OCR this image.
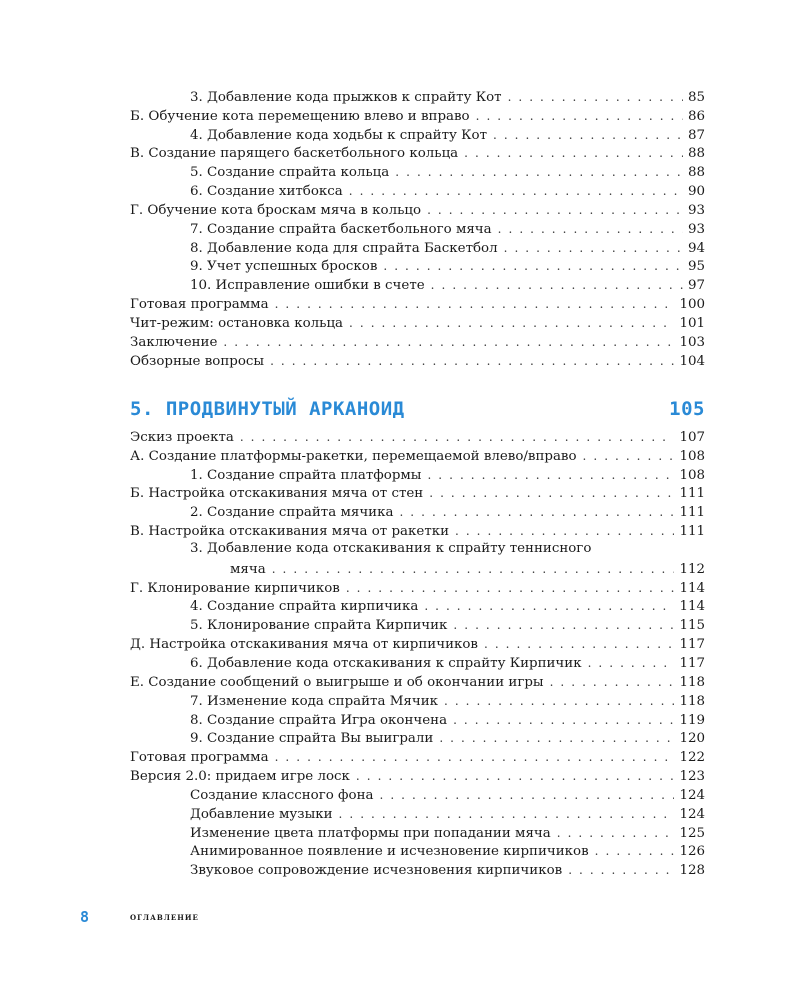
3. Добавление кода прыжков к спрайту Кот . . .	85
Б. Обучение кота перемещению влево и вправо . . .	86
4. Добавление кода ходьбы к спрайту Кот . . .	87
В. Создание парящего баскетбольного кольца . . .	88
5. Создание спрайта кольца . . .	88
6. Создание хитбокса . . .	90
Г. Обучение кота броскам мяча в кольцо . . .	93
7. Создание спрайта баскетбольного мяча . . .	93
8. Добавление кода для спрайта Баскетбол . . .	94
9. Учет успешных бросков . . .	95
10. Исправление ошибки в счете . . .	97
Готовая программа . . .	100
Чит-режим: остановка кольца . . .	101
Заключение . . .	103
Обзорные вопросы . . .	104
5. ПРОДВИНУТЫЙ АРКАНОИД	105
Эскиз проекта . . .	107
А. Создание платформы-ракетки, перемещаемой влево/вправо . . .	108
1. Создание спрайта платформы . . .	108
Б. Настройка отскакивания мяча от стен . . .	111
2. Создание спрайта мячика . . .	111
В. Настройка отскакивания мяча от ракетки . . .	111
3. Добавление кода отскакивания к спрайту теннисного
мяча . . .	112
Г. Клонирование кирпичиков . . .	114
4. Создание спрайта кирпичика . . .	114
5. Клонирование спрайта Кирпичик . . .	115
Д. Настройка отскакивания мяча от кирпичиков . . .	117
6. Добавление кода отскакивания к спрайту Кирпичик . . .	117
Е. Создание сообщений о выигрыше и об окончании игры . . .	118
7. Изменение кода спрайта Мячик . . .	118
8. Создание спрайта Игра окончена . . .	119
9. Создание спрайта Вы выиграли . . .	120
Готовая программа . . .	122
Версия 2.0: придаем игре лоск . . .	123
Создание классного фона . . .	124
Добавление музыки . . .	124
Изменение цвета платформы при попадании мяча . . .	125
Анимированное появление и исчезновение кирпичиков . . .	126
Звуковое сопровождение исчезновения кирпичиков . . .	128
8	оглавление
